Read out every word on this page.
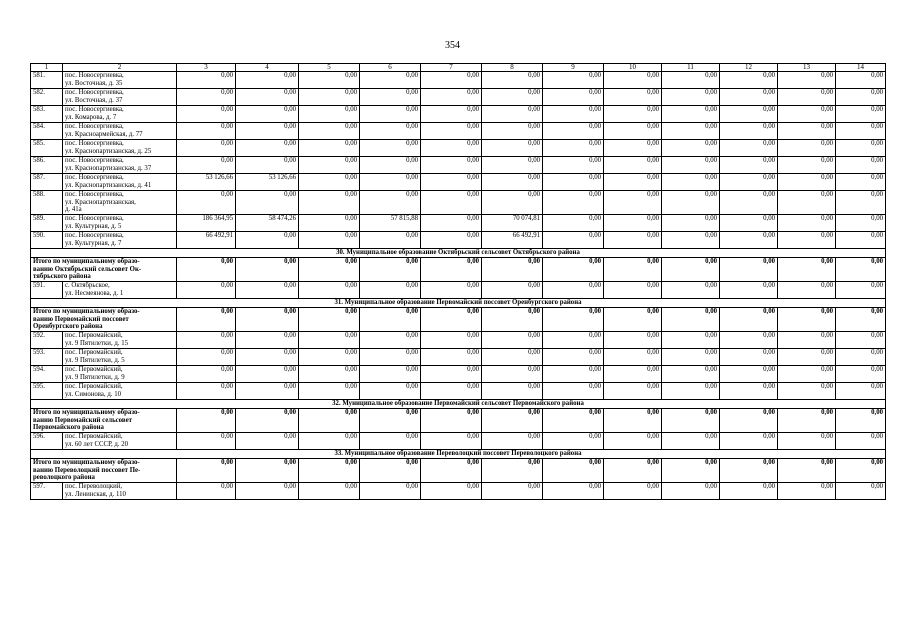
354
1	2	3	4	5	6	7	8	9	10	11	12	13	14
581.	пос. Новосергиевка,
ул. Восточная, д. 35	0,00	0,00	0,00	0,00	0,00	0,00	0,00	0,00	0,00	0,00	0,00	0,00
582.	пос. Новосергиевка,
ул. Восточная, д. 37	0,00	0,00	0,00	0,00	0,00	0,00	0,00	0,00	0,00	0,00	0,00	0,00
583.	пос. Новосергиевка,
ул. Комарова, д. 7	0,00	0,00	0,00	0,00	0,00	0,00	0,00	0,00	0,00	0,00	0,00	0,00
584.	пос. Новосергиевка,
ул. Красноармейская, д. 77	0,00	0,00	0,00	0,00	0,00	0,00	0,00	0,00	0,00	0,00	0,00	0,00
585.	пос. Новосергиевка,
ул. Краснопартизанская, д. 25	0,00	0,00	0,00	0,00	0,00	0,00	0,00	0,00	0,00	0,00	0,00	0,00
586.	пос. Новосергиевка,
ул. Краснопартизанская, д. 37	0,00	0,00	0,00	0,00	0,00	0,00	0,00	0,00	0,00	0,00	0,00	0,00
587.	пос. Новосергиевка,
ул. Краснопартизанская, д. 41	53 126,66	53 126,66	0,00	0,00	0,00	0,00	0,00	0,00	0,00	0,00	0,00	0,00
588.	пос. Новосергиевка,
ул. Краснопартизанская,
д. 41а	0,00	0,00	0,00	0,00	0,00	0,00	0,00	0,00	0,00	0,00	0,00	0,00
589.	пос. Новосергиевка,
ул. Культурная, д. 5	186 364,95	58 474,26	0,00	57 815,88	0,00	70 074,81	0,00	0,00	0,00	0,00	0,00	0,00
590.	пос. Новосергиевка,
ул. Культурная, д. 7	66 492,91	0,00	0,00	0,00	0,00	66 492,91	0,00	0,00	0,00	0,00	0,00	0,00
30. Муниципальное образование Октябрьский сельсовет Октябрьского района													

Итого по муниципальному образо-
ванию Октябрьский сельсовет Ок-
тябрьского района		0,00	0,00	0,00	0,00	0,00	0,00	0,00	0,00	0,00	0,00	0,00	0,00
591.	с. Октябрьское,
ул. Несмеянова, д. 1	0,00	0,00	0,00	0,00	0,00	0,00	0,00	0,00	0,00	0,00	0,00	0,00
31. Муниципальное образование Первомайский поссовет Оренбургского района													

Итого по муниципальному образо-
ванию Первомайский поссовет
Оренбургского района		0,00	0,00	0,00	0,00	0,00	0,00	0,00	0,00	0,00	0,00	0,00	0,00
592.	пос. Первомайский,
ул. 9 Пятилетки, д. 15	0,00	0,00	0,00	0,00	0,00	0,00	0,00	0,00	0,00	0,00	0,00	0,00
593.	пос. Первомайский,
ул. 9 Пятилетки, д. 5	0,00	0,00	0,00	0,00	0,00	0,00	0,00	0,00	0,00	0,00	0,00	0,00
594.	пос. Первомайский,
ул. 9 Пятилетки, д. 9	0,00	0,00	0,00	0,00	0,00	0,00	0,00	0,00	0,00	0,00	0,00	0,00
595.	пос. Первомайский,
ул. Симонова, д. 10	0,00	0,00	0,00	0,00	0,00	0,00	0,00	0,00	0,00	0,00	0,00	0,00
32. Муниципальное образование Первомайский сельсовет Первомайского района													

Итого по муниципальному образо-
ванию Первомайский сельсовет
Первомайского района		0,00	0,00	0,00	0,00	0,00	0,00	0,00	0,00	0,00	0,00	0,00	0,00
596.	пос. Первомайский,
ул. 60 лет СССР, д. 20	0,00	0,00	0,00	0,00	0,00	0,00	0,00	0,00	0,00	0,00	0,00	0,00
33. Муниципальное образование Переволоцкий поссовет Переволоцкого района													

Итого по муниципальному образо-
ванию Переволоцкий поссовет Пе-
револоцкого района		0,00	0,00	0,00	0,00	0,00	0,00	0,00	0,00	0,00	0,00	0,00	0,00
597.	пос. Переволоцкий,
ул. Ленинская, д. 110	0,00	0,00	0,00	0,00	0,00	0,00	0,00	0,00	0,00	0,00	0,00	0,00
